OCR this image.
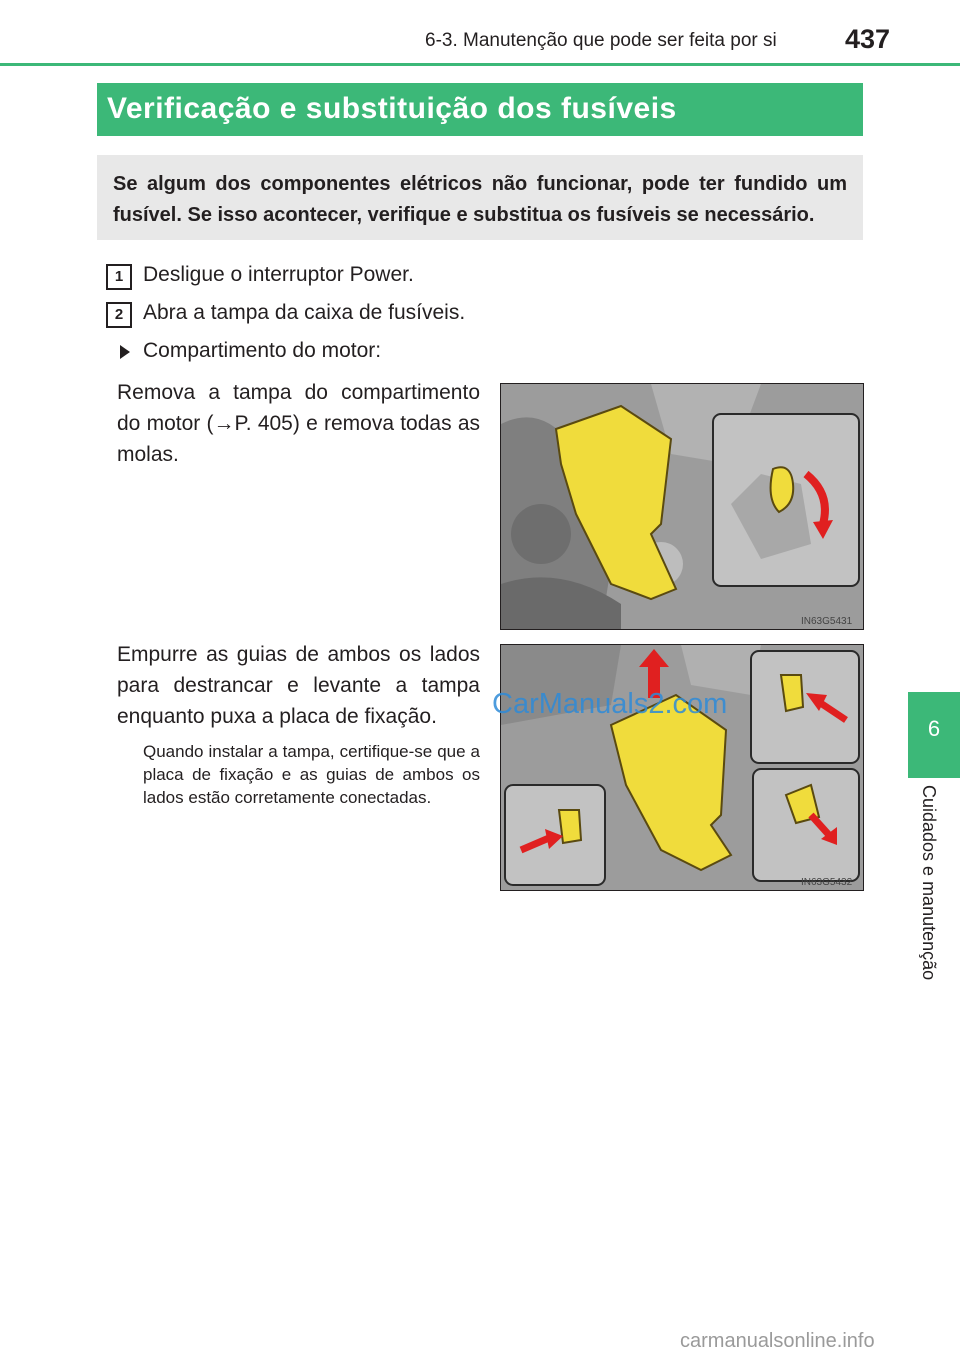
6-3. Manutenção que pode ser feita por si	437
Verificação e substituição dos fusíveis
Se algum dos componentes elétricos não funcionar, pode ter fundido um fusível. Se isso acontecer, verifique e substitua os fusíveis se necessário.
1 Desligue o interruptor Power.
2 Abra a tampa da caixa de fusíveis.
Compartimento do motor:
Remova a tampa do compartimento do motor (→P. 405) e remova todas as molas.
IN63G5431
Empurre as guias de ambos os lados para destrancar e levante a tampa enquanto puxa a placa de fixação.
Quando instalar a tampa, certifique-se que a placa de fixação e as guias de ambos os lados estão corretamente conectadas.
IN63G5432
CarManuals2.com
6
Cuidados e manutenção
carmanualsonline.info
